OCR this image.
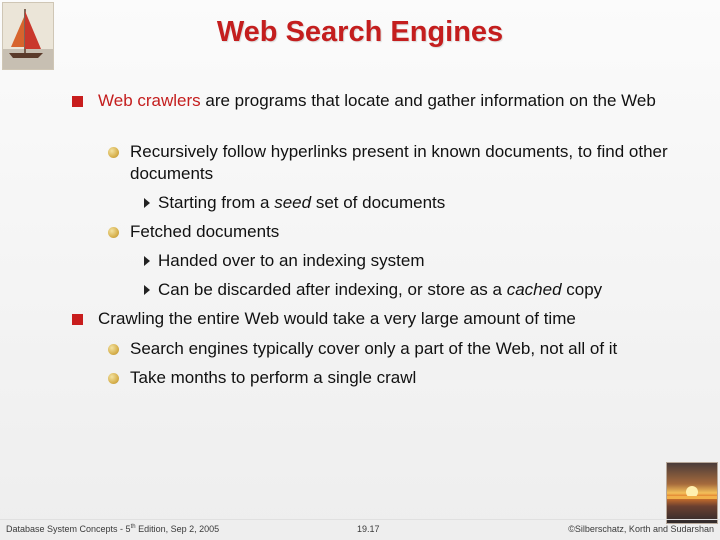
Web Search Engines
Web crawlers are programs that locate and gather information on the Web
Recursively follow hyperlinks present in known documents, to find other documents
Starting from a seed set of documents
Fetched documents
Handed over to an indexing system
Can be discarded after indexing, or store as a cached copy
Crawling the entire Web would take a very large amount of time
Search engines typically cover only a part of the Web, not all of it
Take months to perform a single crawl
Database System Concepts - 5th Edition, Sep 2, 2005	19.17	©Silberschatz, Korth and Sudarshan
